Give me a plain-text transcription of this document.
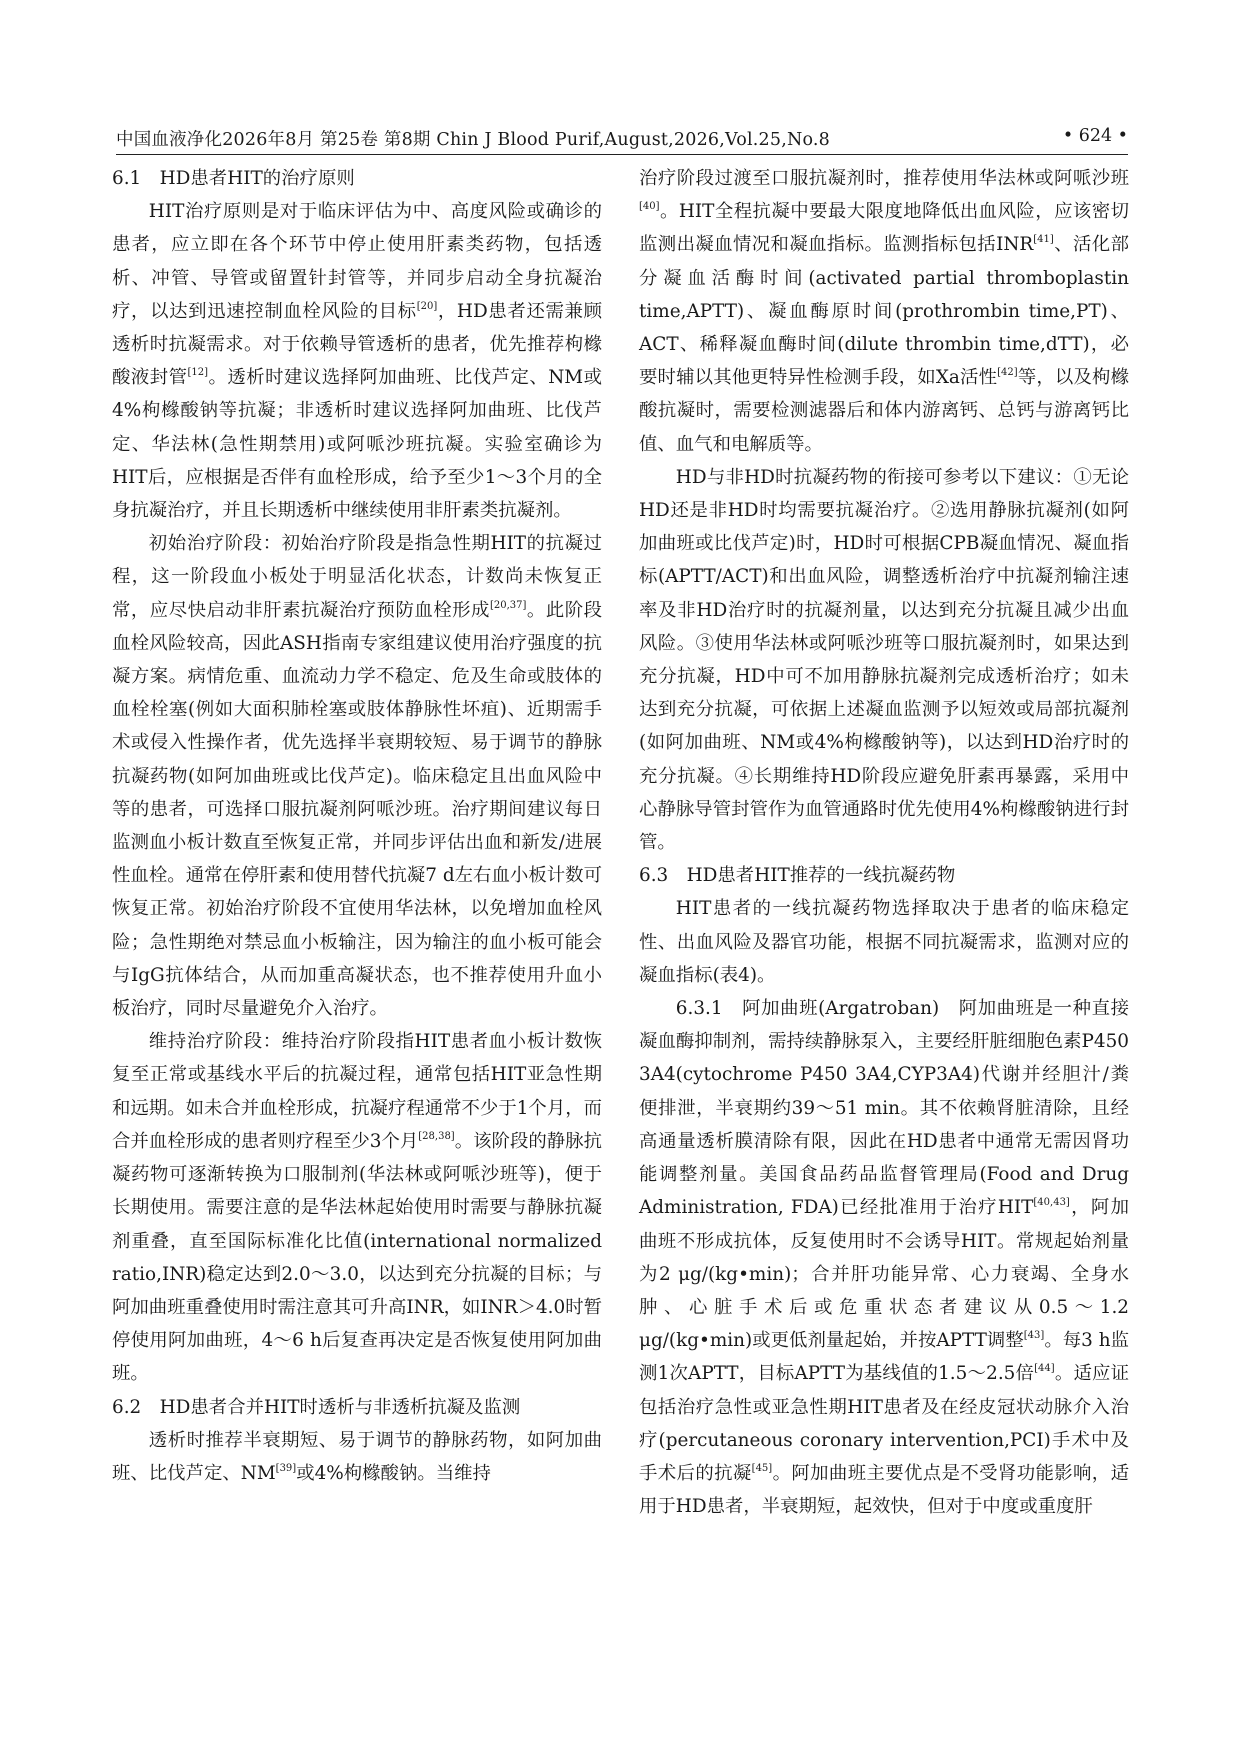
中国血液净化2026年8月 第25卷 第8期 Chin J Blood Purif,August,2026,Vol.25,No.8	• 624 •
6.1　HD患者HIT的治疗原则

HIT治疗原则是对于临床评估为中、高度风险或确诊的患者，应立即在各个环节中停止使用肝素类药物，包括透析、冲管、导管或留置针封管等，并同步启动全身抗凝治疗，以达到迅速控制血栓风险的目标[20]，HD患者还需兼顾透析时抗凝需求。对于依赖导管透析的患者，优先推荐枸橼酸液封管[12]。透析时建议选择阿加曲班、比伐芦定、NM或4%枸橼酸钠等抗凝；非透析时建议选择阿加曲班、比伐芦定、华法林(急性期禁用)或阿哌沙班抗凝。实验室确诊为HIT后，应根据是否伴有血栓形成，给予至少1～3个月的全身抗凝治疗，并且长期透析中继续使用非肝素类抗凝剂。

初始治疗阶段：初始治疗阶段是指急性期HIT的抗凝过程，这一阶段血小板处于明显活化状态，计数尚未恢复正常，应尽快启动非肝素抗凝治疗预防血栓形成[20,37]。此阶段血栓风险较高，因此ASH指南专家组建议使用治疗强度的抗凝方案。病情危重、血流动力学不稳定、危及生命或肢体的血栓栓塞(例如大面积肺栓塞或肢体静脉性坏疽)、近期需手术或侵入性操作者，优先选择半衰期较短、易于调节的静脉抗凝药物(如阿加曲班或比伐芦定)。临床稳定且出血风险中等的患者，可选择口服抗凝剂阿哌沙班。治疗期间建议每日监测血小板计数直至恢复正常，并同步评估出血和新发/进展性血栓。通常在停肝素和使用替代抗凝7 d左右血小板计数可恢复正常。初始治疗阶段不宜使用华法林，以免增加血栓风险；急性期绝对禁忌血小板输注，因为输注的血小板可能会与IgG抗体结合，从而加重高凝状态，也不推荐使用升血小板治疗，同时尽量避免介入治疗。

维持治疗阶段：维持治疗阶段指HIT患者血小板计数恢复至正常或基线水平后的抗凝过程，通常包括HIT亚急性期和远期。如未合并血栓形成，抗凝疗程通常不少于1个月，而合并血栓形成的患者则疗程至少3个月[28,38]。该阶段的静脉抗凝药物可逐渐转换为口服制剂(华法林或阿哌沙班等)，便于长期使用。需要注意的是华法林起始使用时需要与静脉抗凝剂重叠，直至国际标准化比值(international normalized ratio,INR)稳定达到2.0～3.0，以达到充分抗凝的目标；与阿加曲班重叠使用时需注意其可升高INR，如INR＞4.0时暂停使用阿加曲班，4～6 h后复查再决定是否恢复使用阿加曲班。

6.2　HD患者合并HIT时透析与非透析抗凝及监测

透析时推荐半衰期短、易于调节的静脉药物，如阿加曲班、比伐芦定、NM[39]或4%枸橼酸钠。当维持

治疗阶段过渡至口服抗凝剂时，推荐使用华法林或阿哌沙班[40]。HIT全程抗凝中要最大限度地降低出血风险，应该密切监测出凝血情况和凝血指标。监测指标包括INR[41]、活化部分凝血活酶时间(activated partial thromboplastin time,APTT)、凝血酶原时间(prothrombin time,PT)、ACT、稀释凝血酶时间(dilute thrombin time,dTT)，必要时辅以其他更特异性检测手段，如Xa活性[42]等，以及枸橼酸抗凝时，需要检测滤器后和体内游离钙、总钙与游离钙比值、血气和电解质等。

HD与非HD时抗凝药物的衔接可参考以下建议：①无论HD还是非HD时均需要抗凝治疗。②选用静脉抗凝剂(如阿加曲班或比伐芦定)时，HD时可根据CPB凝血情况、凝血指标(APTT/ACT)和出血风险，调整透析治疗中抗凝剂输注速率及非HD治疗时的抗凝剂量，以达到充分抗凝且减少出血风险。③使用华法林或阿哌沙班等口服抗凝剂时，如果达到充分抗凝，HD中可不加用静脉抗凝剂完成透析治疗；如未达到充分抗凝，可依据上述凝血监测予以短效或局部抗凝剂(如阿加曲班、NM或4%枸橼酸钠等)，以达到HD治疗时的充分抗凝。④长期维持HD阶段应避免肝素再暴露，采用中心静脉导管封管作为血管通路时优先使用4%枸橼酸钠进行封管。

6.3　HD患者HIT推荐的一线抗凝药物

HIT患者的一线抗凝药物选择取决于患者的临床稳定性、出血风险及器官功能，根据不同抗凝需求，监测对应的凝血指标(表4)。

6.3.1　阿加曲班(Argatroban)　阿加曲班是一种直接凝血酶抑制剂，需持续静脉泵入，主要经肝脏细胞色素P450 3A4(cytochrome P450 3A4,CYP3A4)代谢并经胆汁/粪便排泄，半衰期约39～51 min。其不依赖肾脏清除，且经高通量透析膜清除有限，因此在HD患者中通常无需因肾功能调整剂量。美国食品药品监督管理局(Food and Drug Administration, FDA)已经批准用于治疗HIT[40,43]，阿加曲班不形成抗体，反复使用时不会诱导HIT。常规起始剂量为2 μg/(kg•min)；合并肝功能异常、心力衰竭、全身水肿、心脏手术后或危重状态者建议从0.5～1.2 μg/(kg•min)或更低剂量起始，并按APTT调整[43]。每3 h监测1次APTT，目标APTT为基线值的1.5～2.5倍[44]。适应证包括治疗急性或亚急性期HIT患者及在经皮冠状动脉介入治疗(percutaneous coronary intervention,PCI)手术中及手术后的抗凝[45]。阿加曲班主要优点是不受肾功能影响，适用于HD患者，半衰期短，起效快，但对于中度或重度肝
